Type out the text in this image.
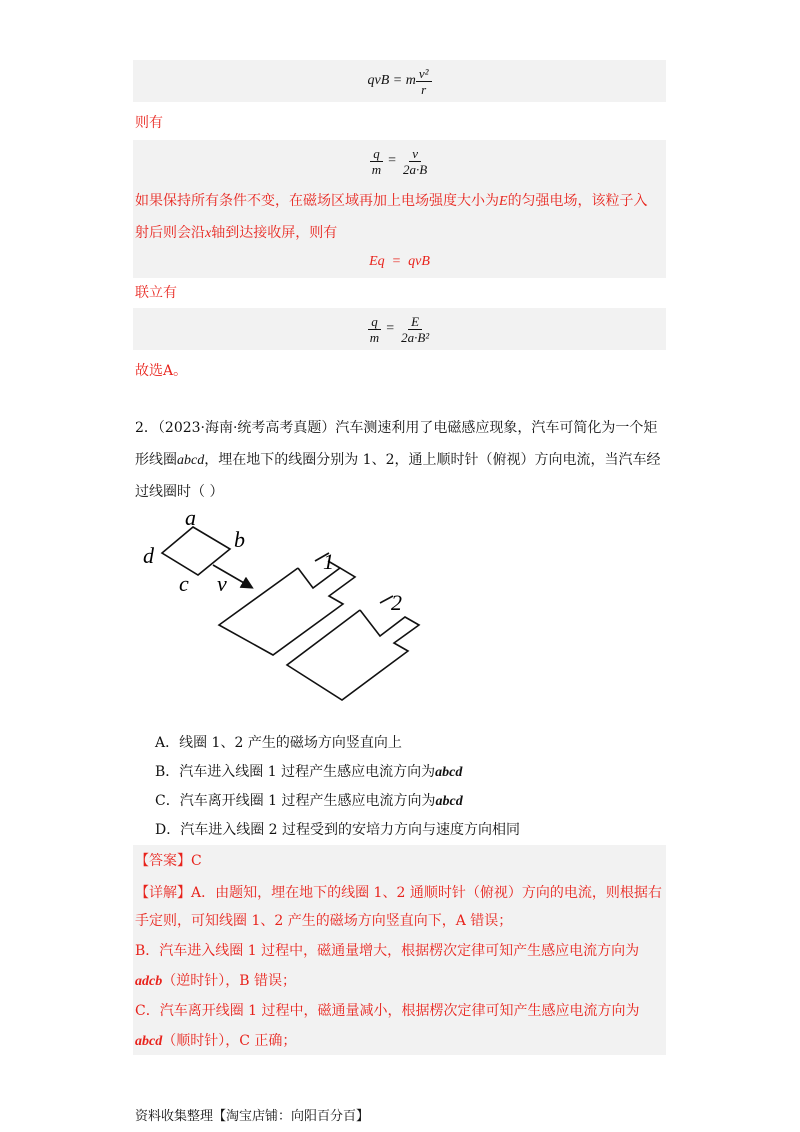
qvB = m $\frac{\text{v²}}{r}$
则有
$\frac{q}{m} = \frac{v}{2a\cdot B}$
如果保持所有条件不变，在磁场区域再加上电场强度大小为E的匀强电场，该粒子入
射后则会沿x轴到达接收屏，则有
Eq  =  qvB
联立有
$\frac{q}{m} = \frac{E}{\text{2a·B²}}$
故选A。
2．（2023·海南·统考高考真题）汽车测速利用了电磁感应现象，汽车可简化为一个矩
形线圈abcd，埋在地下的线圈分别为 1、2，通上顺时针（俯视）方向电流，当汽车经
过线圈时（ ）
a
b
c
d
v
1
2
A．线圈 1、2 产生的磁场方向竖直向上
B．汽车进入线圈 1 过程产生感应电流方向为abcd
C．汽车离开线圈 1 过程产生感应电流方向为abcd
D．汽车进入线圈 2 过程受到的安培力方向与速度方向相同
【答案】C
【详解】A．由题知，埋在地下的线圈 1、2 通顺时针（俯视）方向的电流，则根据右
手定则，可知线圈 1、2 产生的磁场方向竖直向下，A 错误；
B．汽车进入线圈 1 过程中，磁通量增大，根据楞次定律可知产生感应电流方向为
adcb（逆时针），B 错误；
C．汽车离开线圈 1 过程中，磁通量减小，根据楞次定律可知产生感应电流方向为
abcd（顺时针），C 正确；
资料收集整理【淘宝店铺：向阳百分百】
